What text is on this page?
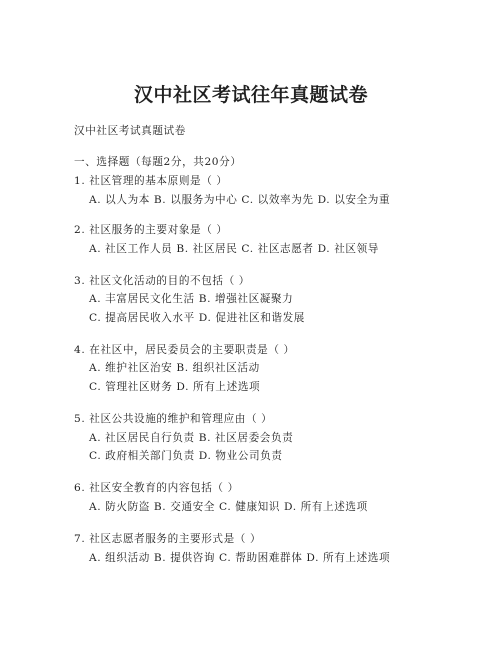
汉中社区考试往年真题试卷
汉中社区考试真题试卷
一、选择题（每题2分，共20分）
1. 社区管理的基本原则是（ ）
A. 以人为本 B. 以服务为中心 C. 以效率为先 D. 以安全为重
2. 社区服务的主要对象是（ ）
A. 社区工作人员 B. 社区居民 C. 社区志愿者 D. 社区领导
3. 社区文化活动的目的不包括（ ）
A. 丰富居民文化生活 B. 增强社区凝聚力
C. 提高居民收入水平 D. 促进社区和谐发展
4. 在社区中，居民委员会的主要职责是（ ）
A. 维护社区治安 B. 组织社区活动
C. 管理社区财务 D. 所有上述选项
5. 社区公共设施的维护和管理应由（ ）
A. 社区居民自行负责 B. 社区居委会负责
C. 政府相关部门负责 D. 物业公司负责
6. 社区安全教育的内容包括（ ）
A. 防火防盗 B. 交通安全 C. 健康知识 D. 所有上述选项
7. 社区志愿者服务的主要形式是（ ）
A. 组织活动 B. 提供咨询 C. 帮助困难群体 D. 所有上述选项
